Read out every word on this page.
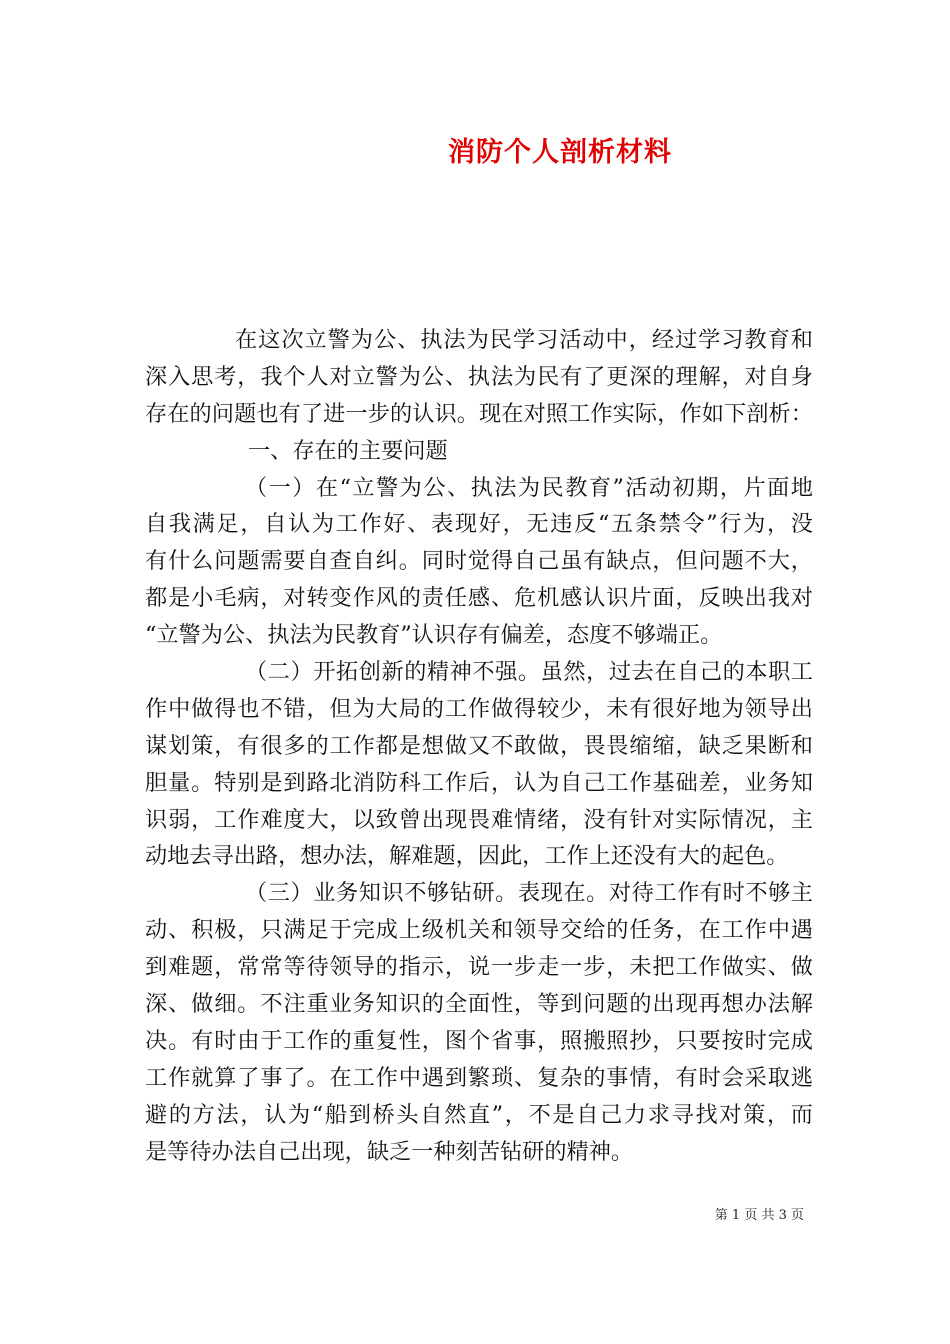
消防个人剖析材料
在这次立警为公、执法为民学习活动中，经过学习教育和
深入思考，我个人对立警为公、执法为民有了更深的理解，对自身
存在的问题也有了进一步的认识。现在对照工作实际，作如下剖析：
一、存在的主要问题
（一）在“立警为公、执法为民教育”活动初期，片面地
自我满足，自认为工作好、表现好，无违反“五条禁令”行为，没
有什么问题需要自查自纠。同时觉得自己虽有缺点，但问题不大，
都是小毛病，对转变作风的责任感、危机感认识片面，反映出我对
“立警为公、执法为民教育”认识存有偏差，态度不够端正。
（二）开拓创新的精神不强。虽然，过去在自己的本职工
作中做得也不错，但为大局的工作做得较少，未有很好地为领导出
谋划策，有很多的工作都是想做又不敢做，畏畏缩缩，缺乏果断和
胆量。特别是到路北消防科工作后，认为自己工作基础差，业务知
识弱，工作难度大，以致曾出现畏难情绪，没有针对实际情况，主
动地去寻出路，想办法，解难题，因此，工作上还没有大的起色。
（三）业务知识不够钻研。表现在。对待工作有时不够主
动、积极，只满足于完成上级机关和领导交给的任务，在工作中遇
到难题，常常等待领导的指示，说一步走一步，未把工作做实、做
深、做细。不注重业务知识的全面性，等到问题的出现再想办法解
决。有时由于工作的重复性，图个省事，照搬照抄，只要按时完成
工作就算了事了。在工作中遇到繁琐、复杂的事情，有时会采取逃
避的方法，认为“船到桥头自然直”，不是自己力求寻找对策，而
是等待办法自己出现，缺乏一种刻苦钻研的精神。
第 1 页 共 3 页
